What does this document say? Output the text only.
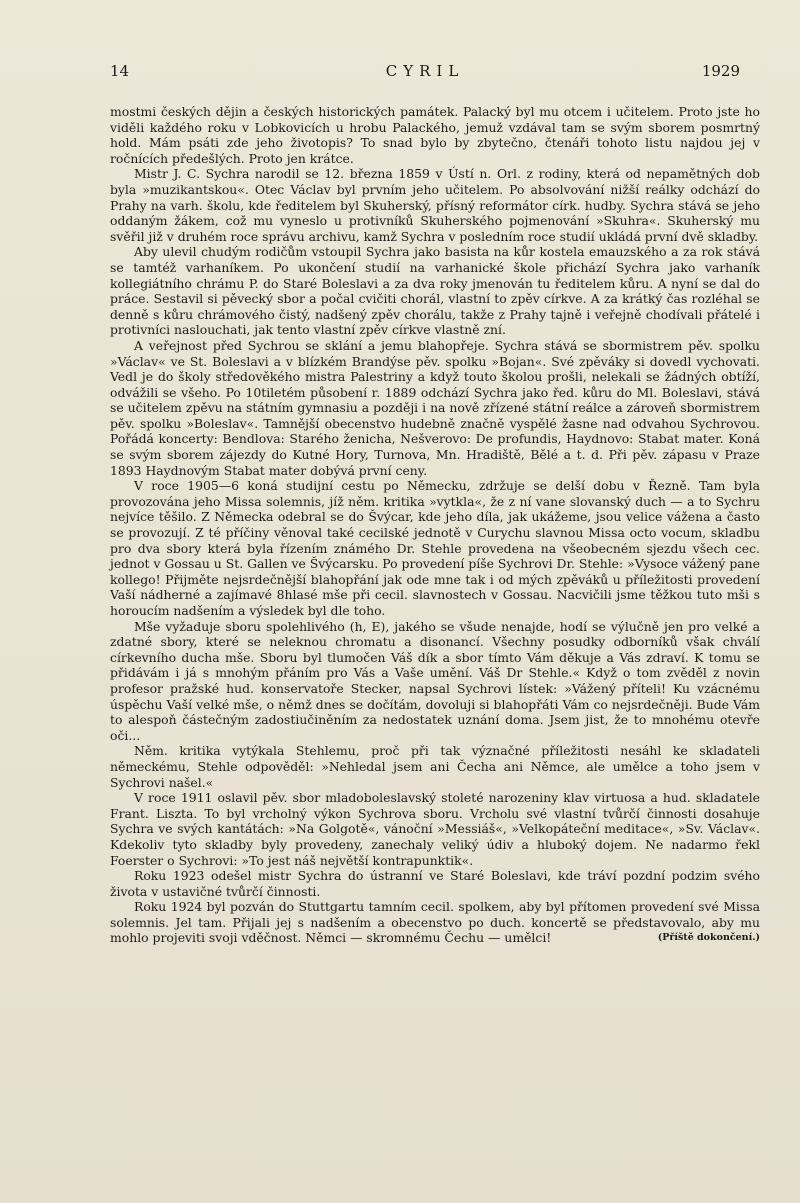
14	CYRIL	1929

mostmi českých dějin a českých historických památek. Palacký byl mu otcem i učitelem. Proto jste ho viděli každého roku v Lobkovicích u hrobu Palackého, jemuž vzdával tam se svým sborem posmrtný hold. Mám psáti zde jeho životopis? To snad bylo by zbytečno, čtenáři tohoto listu najdou jej v ročnících předešlých. Proto jen krátce.

Mistr J. C. Sychra narodil se 12. března 1859 v Ústí n. Orl. z rodiny, která od nepamětných dob byla »muzikantskou«. Otec Václav byl prvním jeho učitelem. Po absolvování nižší reálky odchází do Prahy na varh. školu, kde ředitelem byl Skuherský, přísný reformátor círk. hudby. Sychra stává se jeho oddaným žákem, což mu vyneslo u protivníků Skuherského pojmenování »Skuhra«. Skuherský mu svěřil již v druhém roce správu archivu, kamž Sychra v posledním roce studií ukládá první dvě skladby.

Aby ulevil chudým rodičům vstoupil Sychra jako basista na kůr kostela emauzského a za rok stává se tamtéž varhaníkem. Po ukončení studií na varhanické škole přichází Sychra jako varhaník kollegiátního chrámu P. do Staré Boleslavi a za dva roky jmenován tu ředitelem kůru. A nyní se dal do práce. Sestavil si pěvecký sbor a počal cvičiti chorál, vlastní to zpěv církve. A za krátký čas rozléhal se denně s kůru chrámového čistý, nadšený zpěv chorálu, takže z Prahy tajně i veřejně chodívali přátelé i protivníci naslouchati, jak tento vlastní zpěv církve vlastně zní.

A veřejnost před Sychrou se sklání a jemu blahopřeje. Sychra stává se sbormistrem pěv. spolku »Václav« ve St. Boleslavi a v blízkém Brandýse pěv. spolku »Bojan«. Své zpěváky si dovedl vychovati. Vedl je do školy středověkého mistra Palestriny a když touto školou prošli, nelekali se žádných obtíží, odvážili se všeho. Po 10tiletém působení r. 1889 odchází Sychra jako řed. kůru do Ml. Boleslavi, stává se učitelem zpěvu na státním gymnasiu a později i na nově zřízené státní reálce a zároveň sbormistrem pěv. spolku »Boleslav«. Tamnější obecenstvo hudebně značně vyspělé žasne nad odvahou Sychrovou. Pořádá koncerty: Bendlova: Starého ženicha, Nešverovo: De profundis, Haydnovo: Stabat mater. Koná se svým sborem zájezdy do Kutné Hory, Turnova, Mn. Hradiště, Bělé a t. d. Při pěv. zápasu v Praze 1893 Haydnovým Stabat mater dobývá první ceny.

V roce 1905—6 koná studijní cestu po Německu, zdržuje se delší dobu v Řezně. Tam byla provozována jeho Missa solemnis, jíž něm. kritika »vytkla«, že z ní vane slovanský duch — a to Sychru nejvíce těšilo. Z Německa odebral se do Švýcar, kde jeho díla, jak ukážeme, jsou velice vážena a často se provozují. Z té příčiny věnoval také cecilské jednotě v Curychu slavnou Missa octo vocum, skladbu pro dva sbory která byla řízením známého Dr. Stehle provedena na všeobecném sjezdu všech cec. jednot v Gossau u St. Gallen ve Švýcarsku. Po provedení píše Sychrovi Dr. Stehle: »Vysoce vážený pane kollego! Přijměte nejsrdečnější blahopřání jak ode mne tak i od mých zpěváků u příležitosti provedení Vaší nádherné a zajímavé 8hlasé mše při cecil. slavnostech v Gossau. Nacvičili jsme těžkou tuto mši s horoucím nadšením a výsledek byl dle toho.

Mše vyžaduje sboru spolehlivého (h, E), jakého se všude nenajde, hodí se výlučně jen pro velké a zdatné sbory, které se neleknou chromatu a disonancí. Všechny posudky odborníků však chválí církevního ducha mše. Sboru byl tlumočen Váš dík a sbor tímto Vám děkuje a Vás zdraví. K tomu se přidávám i já s mnohým přáním pro Vás a Vaše umění. Váš Dr Stehle.« Když o tom zvěděl z novin profesor pražské hud. konservatoře Stecker, napsal Sychrovi lístek: »Vážený příteli! Ku vzácnému úspěchu Vaší velké mše, o němž dnes se dočítám, dovoluji si blahopřáti Vám co nejsrdečněji. Bude Vám to alespoň částečným zadostiučiněním za nedostatek uznání doma. Jsem jist, že to mnohému otevře oči...

Něm. kritika vytýkala Stehlemu, proč při tak význačné příležitosti nesáhl ke skladateli německému, Stehle odpověděl: »Nehledal jsem ani Čecha ani Němce, ale umělce a toho jsem v Sychrovi našel.«

V roce 1911 oslavil pěv. sbor mladoboleslavský stoleté narozeniny klav virtuosa a hud. skladatele Frant. Liszta. To byl vrcholný výkon Sychrova sboru. Vrcholu své vlastní tvůrčí činnosti dosahuje Sychra ve svých kantátách: »Na Golgotě«, vánoční »Messiáš«, »Velkopáteční meditace«, »Sv. Václav«. Kdekoliv tyto skladby byly provedeny, zanechaly veliký údiv a hluboký dojem. Ne nadarmo řekl Foerster o Sychrovi: »To jest náš největší kontrapunktik«.

Roku 1923 odešel mistr Sychra do ústranní ve Staré Boleslavi, kde tráví pozdní podzim svého života v ustavičné tvůrčí činnosti.

Roku 1924 byl pozván do Stuttgartu tamním cecil. spolkem, aby byl přítomen provedení své Missa solemnis. Jel tam. Přijali jej s nadšením a obecenstvo po duch. koncertě se představovalo, aby mu mohlo projeviti svoji vděčnost. Němci — skromnému Čechu — umělci!	(Příště dokončení.)
